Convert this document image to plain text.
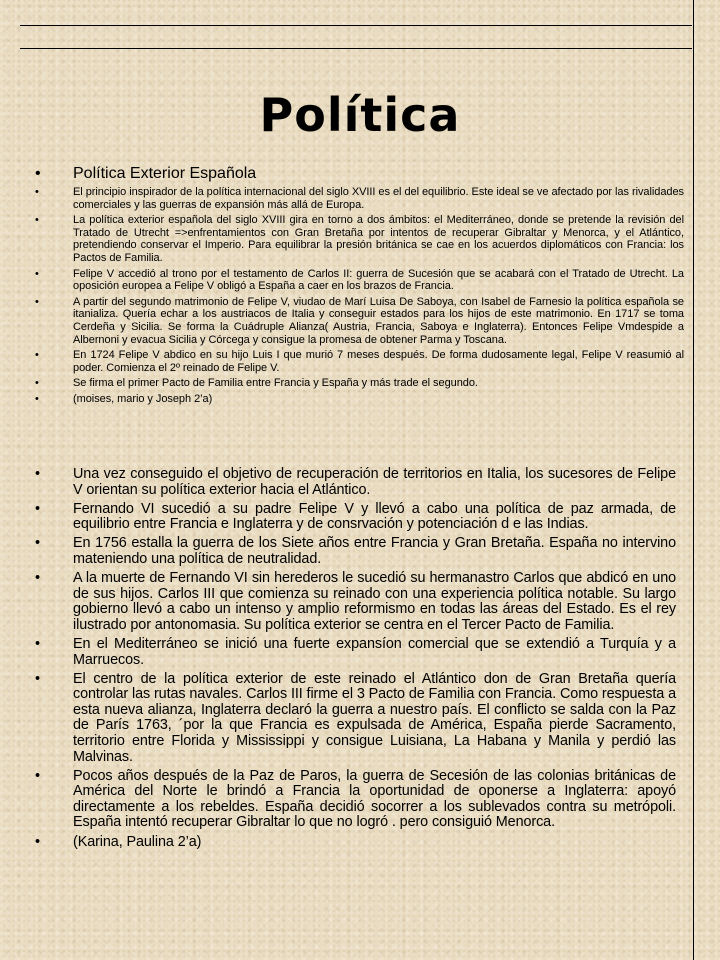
Política
• Política Exterior Española
•	El principio inspirador de la política internacional del siglo XVIII es el del equilibrio. Este ideal se ve afectado por las rivalidades comerciales y las guerras de expansión más allá de Europa.
•	La política exterior española del siglo XVIII gira en torno a dos ámbitos: el Mediterráneo, donde se pretende la revisión del Tratado de Utrecht =>enfrentamientos con Gran Bretaña por intentos de recuperar Gibraltar y Menorca, y el Atlántico, pretendiendo conservar el Imperio. Para equilibrar la presión británica se cae en los acuerdos diplomáticos con Francia: los Pactos de Familia.
•	Felipe V accedió al trono por el testamento de Carlos II: guerra de Sucesión que se acabará con el Tratado de Utrecht. La oposición europea a Felipe V obligó a España a caer en los brazos de Francia.
•	A partir del segundo matrimonio de Felipe V, viudao de Marí Luisa De Saboya, con Isabel de Farnesio la política española se itanializa. Quería echar a los austriacos de Italia y conseguir estados para los hijos de este matrimonio. En 1717 se toma Cerdeña y Sicilia. Se forma la Cuádruple Alianza( Austria, Francia, Saboya e Inglaterra). Entonces Felipe Vmdespide a Albernoni y evacua Sicilia y Córcega y consigue la promesa de obtener Parma y Toscana.
•	En 1724 Felipe V abdico en su hijo Luis I que murió 7 meses después. De forma dudosamente legal, Felipe V reasumió al poder. Comienza el 2º reinado de Felipe V.
•	Se firma el primer Pacto de Familia entre Francia y España y más trade el segundo.
•	(moises, mario y Joseph 2’a)
• Una vez conseguido el objetivo de recuperación de territorios en Italia, los sucesores de Felipe V orientan su política exterior hacia el Atlántico.
• Fernando VI sucedió a su padre Felipe V y llevó a cabo una política de paz armada, de equilibrio entre Francia e Inglaterra y de consrvación y potenciación d e las Indias.
• En 1756 estalla la guerra de los Siete años entre Francia y Gran Bretaña. España no intervino mateniendo una política de neutralidad.
• A la muerte de Fernando VI sin herederos le sucedió su hermanastro Carlos que abdicó en uno de sus hijos. Carlos III que comienza su reinado con una experiencia política notable. Su largo gobierno llevó a cabo un intenso y amplio reformismo en todas las áreas del Estado. Es el rey ilustrado por antonomasia. Su política exterior se centra en el Tercer Pacto de Familia.
• En el Mediterráneo se inició una fuerte expansíon comercial que se extendió a Turquía y a Marruecos.
• El centro de la política exterior de este reinado el Atlántico don de Gran Bretaña quería controlar las rutas navales. Carlos III firme el 3 Pacto de Familia con Francia. Como respuesta a esta nueva alianza, Inglaterra declaró la guerra a nuestro país. El conflicto se salda con la Paz de París 1763, ´por la que Francia es expulsada de América, España pierde Sacramento, territorio entre Florida y Mississippi y consigue Luisiana, La Habana y Manila y perdió las Malvinas.
• Pocos años después de la Paz de Paros, la guerra de Secesión de las colonias británicas de América del Norte le brindó a Francia la oportunidad de oponerse a Inglaterra: apoyó directamente a los rebeldes. España decidió socorrer a los sublevados contra su metrópoli. España intentó recuperar Gibraltar lo que no logró . pero consiguió Menorca.
• (Karina, Paulina 2’a)
